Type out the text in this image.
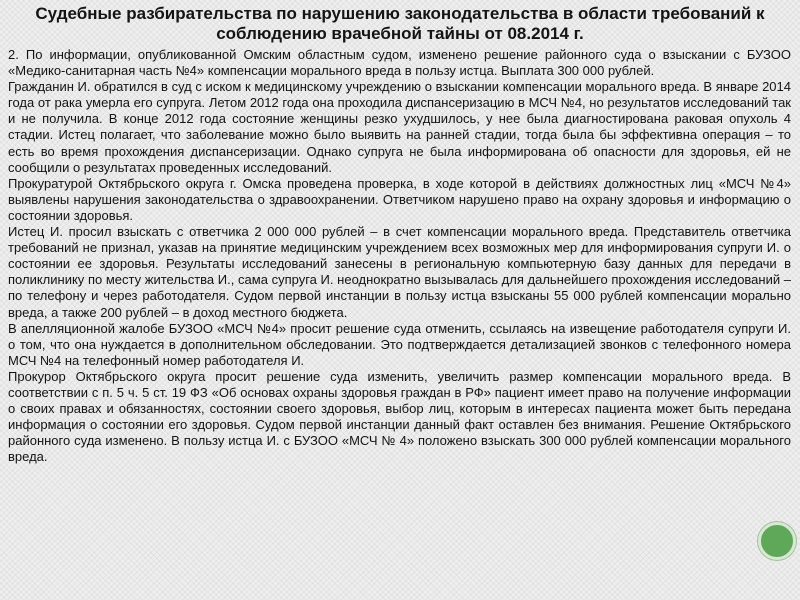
Судебные разбирательства по нарушению законодательства в области требований к соблюдению врачебной тайны от 08.2014 г.

2. По информации, опубликованной Омским областным судом, изменено решение районного суда о взыскании с БУЗОО «Медико-санитарная часть №4» компенсации морального вреда в пользу истца. Выплата 300 000 рублей.

Гражданин И. обратился в суд с иском к медицинскому учреждению о взыскании компенсации морального вреда. В январе 2014 года от рака умерла его супруга. Летом 2012 года она проходила диспансеризацию в МСЧ №4, но результатов исследований так и не получила. В конце 2012 года состояние женщины резко ухудшилось, у нее была диагностирована раковая опухоль 4 стадии. Истец полагает, что заболевание можно было выявить на ранней стадии, тогда была бы эффективна операция – то есть во время прохождения диспансеризации. Однако супруга не была информирована об опасности для здоровья, ей не сообщили о результатах проведенных исследований.

Прокуратурой Октябрьского округа г. Омска проведена проверка, в ходе которой в действиях должностных лиц «МСЧ №4» выявлены нарушения законодательства о здравоохранении. Ответчиком нарушено право на охрану здоровья и информацию о состоянии здоровья.

Истец И. просил взыскать с ответчика 2 000 000 рублей – в счет компенсации морального вреда. Представитель ответчика требований не признал, указав на принятие медицинским учреждением всех возможных мер для информирования супруги И. о состоянии ее здоровья. Результаты исследований занесены в региональную компьютерную базу данных для передачи в поликлинику по месту жительства И., сама супруга И. неоднократно вызывалась для дальнейшего прохождения исследований – по телефону и через работодателя. Судом первой инстанции в пользу истца взысканы 55 000 рублей компенсации морально вреда, а также 200 рублей – в доход местного бюджета.

В апелляционной жалобе БУЗОО «МСЧ №4» просит решение суда отменить, ссылаясь на извещение работодателя супруги И. о том, что она нуждается в дополнительном обследовании. Это подтверждается детализацией звонков с телефонного номера МСЧ №4 на телефонный номер работодателя И.

Прокурор Октябрьского округа просит решение суда изменить, увеличить размер компенсации морального вреда. В соответствии с п. 5 ч. 5 ст. 19 ФЗ «Об основах охраны здоровья граждан в РФ» пациент имеет право на получение информации о своих правах и обязанностях, состоянии своего здоровья, выбор лиц, которым в интересах пациента может быть передана информация о состоянии его здоровья. Судом первой инстанции данный факт оставлен без внимания. Решение Октябрьского районного суда изменено. В пользу истца И. с БУЗОО «МСЧ № 4» положено взыскать 300 000 рублей компенсации морального вреда.
